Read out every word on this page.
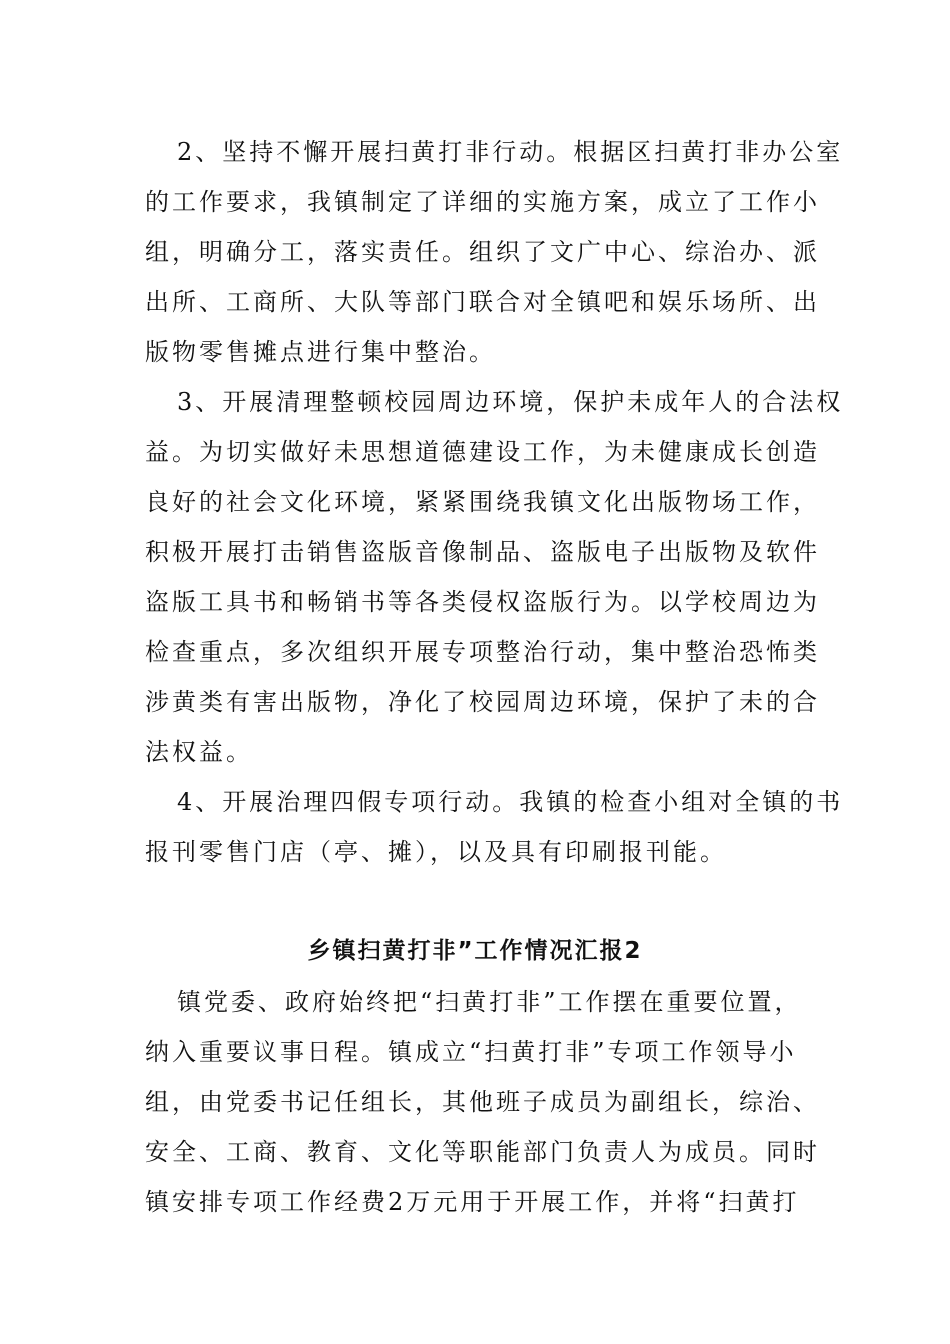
2、坚持不懈开展扫黄打非行动。根据区扫黄打非办公室
的工作要求，我镇制定了详细的实施方案，成立了工作小
组，明确分工，落实责任。组织了文广中心、综治办、派
出所、工商所、大队等部门联合对全镇吧和娱乐场所、出
版物零售摊点进行集中整治。
3、开展清理整顿校园周边环境，保护未成年人的合法权
益。为切实做好未思想道德建设工作，为未健康成长创造
良好的社会文化环境，紧紧围绕我镇文化出版物场工作，
积极开展打击销售盗版音像制品、盗版电子出版物及软件
盗版工具书和畅销书等各类侵权盗版行为。以学校周边为
检查重点，多次组织开展专项整治行动，集中整治恐怖类
涉黄类有害出版物，净化了校园周边环境，保护了未的合
法权益。
4、开展治理四假专项行动。我镇的检查小组对全镇的书
报刊零售门店（亭、摊），以及具有印刷报刊能。
乡镇扫黄打非”工作情况汇报2
镇党委、政府始终把“扫黄打非”工作摆在重要位置，
纳入重要议事日程。镇成立“扫黄打非”专项工作领导小
组，由党委书记任组长，其他班子成员为副组长，综治、
安全、工商、教育、文化等职能部门负责人为成员。同时
镇安排专项工作经费2万元用于开展工作，并将“扫黄打
